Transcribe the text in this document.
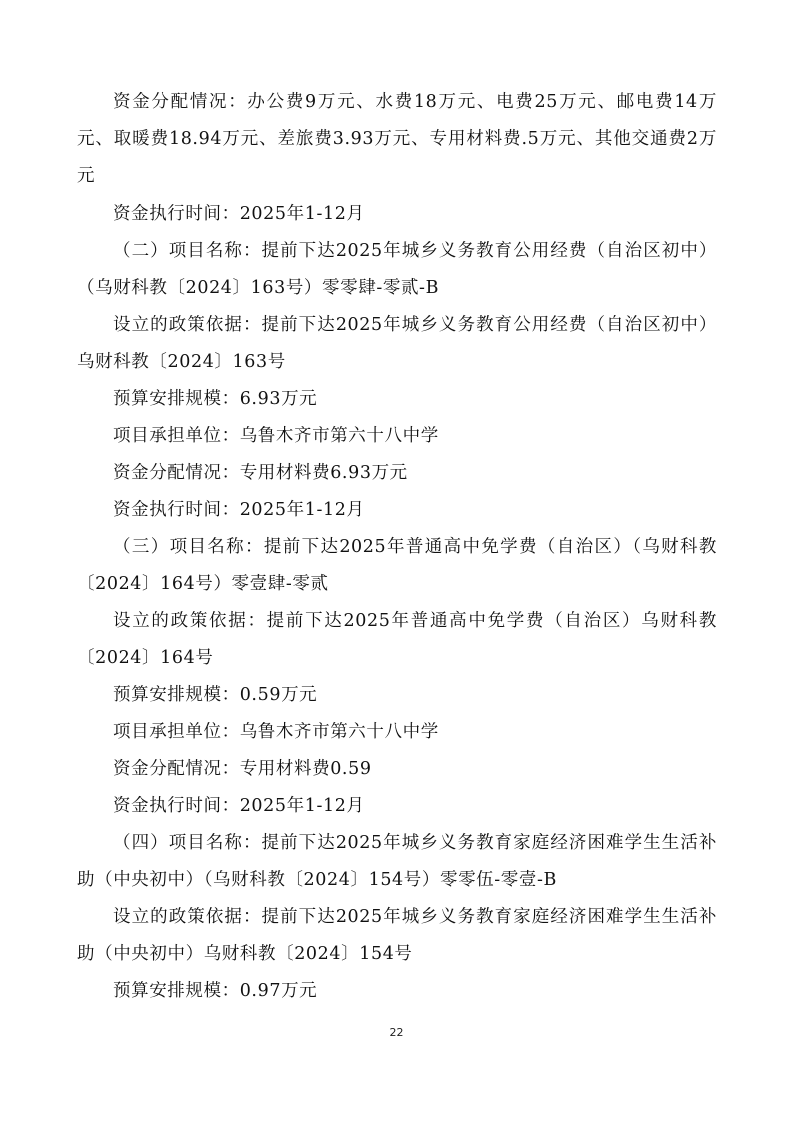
资金分配情况：办公费9万元、水费18万元、电费25万元、邮电费14万元、取暖费18.94万元、差旅费3.93万元、专用材料费.5万元、其他交通费2万元

资金执行时间：2025年1-12月

（二）项目名称：提前下达2025年城乡义务教育公用经费（自治区初中）（乌财科教〔2024〕163号）零零肆-零贰-B

设立的政策依据：提前下达2025年城乡义务教育公用经费（自治区初中）乌财科教〔2024〕163号

预算安排规模：6.93万元

项目承担单位：乌鲁木齐市第六十八中学

资金分配情况：专用材料费6.93万元

资金执行时间：2025年1-12月

（三）项目名称：提前下达2025年普通高中免学费（自治区）（乌财科教〔2024〕164号）零壹肆-零贰

设立的政策依据：提前下达2025年普通高中免学费（自治区）乌财科教〔2024〕164号

预算安排规模：0.59万元

项目承担单位：乌鲁木齐市第六十八中学

资金分配情况：专用材料费0.59

资金执行时间：2025年1-12月

（四）项目名称：提前下达2025年城乡义务教育家庭经济困难学生生活补助（中央初中）（乌财科教〔2024〕154号）零零伍-零壹-B

设立的政策依据：提前下达2025年城乡义务教育家庭经济困难学生生活补助（中央初中）乌财科教〔2024〕154号

预算安排规模：0.97万元

22
